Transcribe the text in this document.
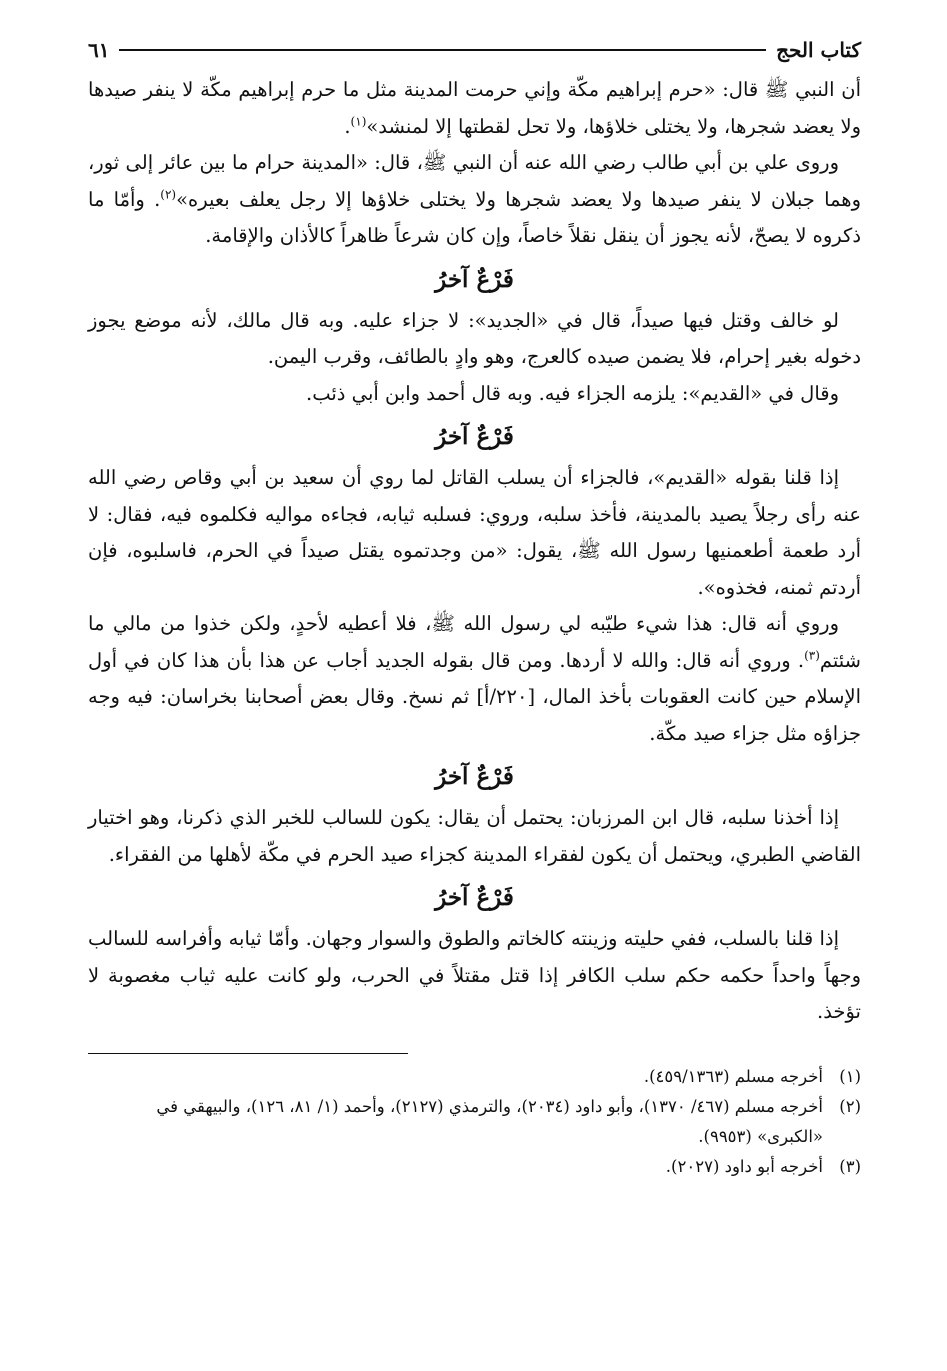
كتاب الحج
٦١

أن النبي ﷺ قال: «حرم إبراهيم مكّة وإني حرمت المدينة مثل ما حرم إبراهيم مكّة لا ينفر صيدها ولا يعضد شجرها، ولا يختلى خلاؤها، ولا تحل لقطتها إلا لمنشد»$^{(١)}$.

وروى علي بن أبي طالب رضي الله عنه أن النبي ﷺ، قال: «المدينة حرام ما بين عائر إلى ثور، وهما جبلان لا ينفر صيدها ولا يعضد شجرها ولا يختلى خلاؤها إلا رجل يعلف بعيره»$^{(٢)}$. وأمّا ما ذكروه لا يصحّ، لأنه يجوز أن ينقل نقلاً خاصاً، وإن كان شرعاً ظاهراً كالأذان والإقامة.

فَرْعٌ آخرُ

لو خالف وقتل فيها صيداً، قال في «الجديد»: لا جزاء عليه. وبه قال مالك، لأنه موضع يجوز دخوله بغير إحرام، فلا يضمن صيده كالعرج، وهو وادٍ بالطائف، وقرب اليمن.

وقال في «القديم»: يلزمه الجزاء فيه. وبه قال أحمد وابن أبي ذئب.

فَرْعٌ آخرُ

إذا قلنا بقوله «القديم»، فالجزاء أن يسلب القاتل لما روي أن سعيد بن أبي وقاص رضي الله عنه رأى رجلاً يصيد بالمدينة، فأخذ سلبه، وروي: فسلبه ثيابه، فجاءه مواليه فكلموه فيه، فقال: لا أرد طعمة أطعمنيها رسول الله ﷺ، يقول: «من وجدتموه يقتل صيداً في الحرم، فاسلبوه، فإن أردتم ثمنه، فخذوه».

وروي أنه قال: هذا شيء طيّبه لي رسول الله ﷺ، فلا أعطيه لأحدٍ، ولكن خذوا من مالي ما شئتم$^{(٣)}$. وروي أنه قال: والله لا أردها. ومن قال بقوله الجديد أجاب عن هذا بأن هذا كان في أول الإسلام حين كانت العقوبات بأخذ المال، [٢٢٠/أ] ثم نسخ. وقال بعض أصحابنا بخراسان: فيه وجه جزاؤه مثل جزاء صيد مكّة.

فَرْعٌ آخرُ

إذا أخذنا سلبه، قال ابن المرزبان: يحتمل أن يقال: يكون للسالب للخبر الذي ذكرنا، وهو اختيار القاضي الطبري، ويحتمل أن يكون لفقراء المدينة كجزاء صيد الحرم في مكّة لأهلها من الفقراء.

فَرْعٌ آخرُ

إذا قلنا بالسلب، ففي حليته وزينته كالخاتم والطوق والسوار وجهان. وأمّا ثيابه وأفراسه للسالب وجهاً واحداً حكمه حكم سلب الكافر إذا قتل مقتلاً في الحرب، ولو كانت عليه ثياب مغصوبة لا تؤخذ.

(١)
أخرجه مسلم (٤٥٩/١٣٦٣).

(٢)
أخرجه مسلم (٤٦٧/ ١٣٧٠)، وأبو داود (٢٠٣٤)، والترمذي (٢١٢٧)، وأحمد (١/ ٨١، ١٢٦)، والبيهقي في «الكبرى» (٩٩٥٣).

(٣)
أخرجه أبو داود (٢٠٢٧).
